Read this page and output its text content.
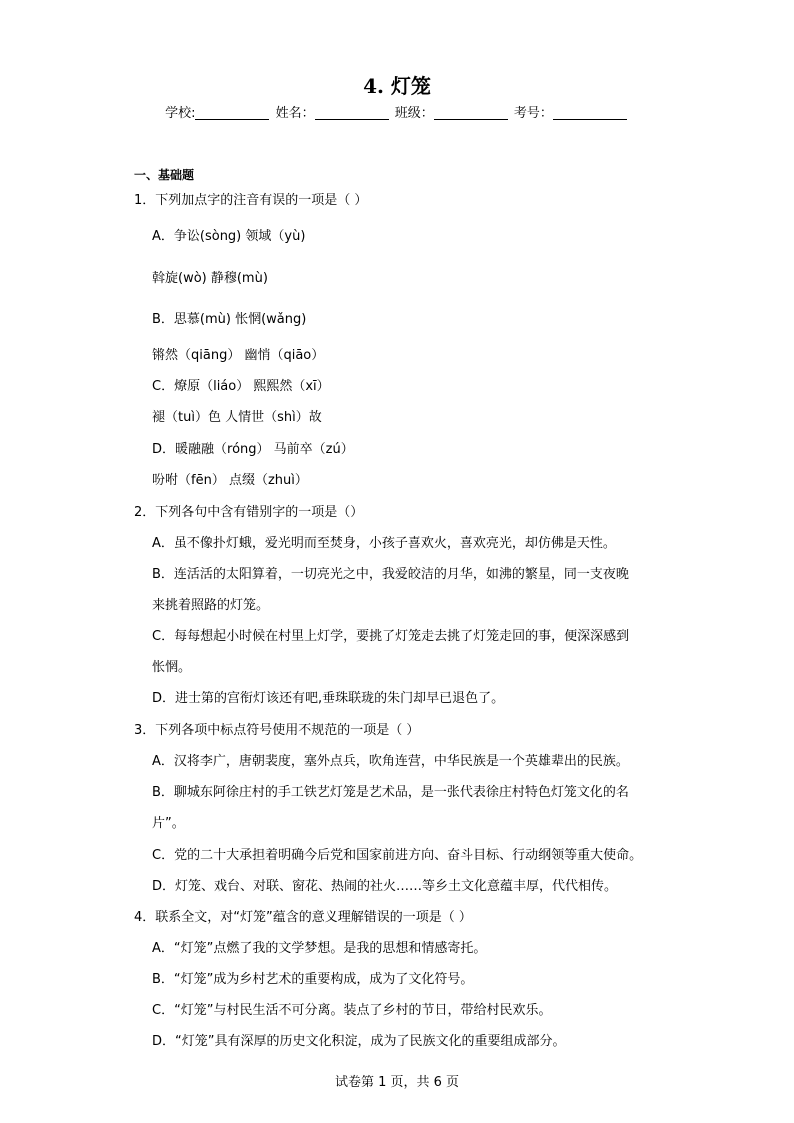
4. 灯笼
学校:	姓名：	班级：	考号：
一、基础题
1．下列加点字的注音有误的一项是（ ）
A．争讼(sòng) 领域（yù)
斡旋(wò) 静穆(mù)
B．思慕(mù) 怅惘(wǎng)
锵然（qiāng） 幽悄（qiāo）
C．燎原（liáo） 熙熙然（xī）
褪（tuì）色 人情世（shì）故
D．暖融融（róng） 马前卒（zú）
吩咐（fēn） 点缀（zhuì）
2．下列各句中含有错别字的一项是（）
A．虽不像扑灯蛾，爱光明而至焚身，小孩子喜欢火，喜欢亮光，却仿佛是天性。
B．连活活的太阳算着，一切亮光之中，我爱皎洁的月华，如沸的繁星，同一支夜晚
来挑着照路的灯笼。
C．每每想起小时候在村里上灯学，要挑了灯笼走去挑了灯笼走回的事，便深深感到
怅惘。
D．进士第的宫衔灯该还有吧,垂珠联珑的朱门却早已退色了。
3．下列各项中标点符号使用不规范的一项是（ ）
A．汉将李广，唐朝裴度，塞外点兵，吹角连营，中华民族是一个英雄辈出的民族。
B．聊城东阿徐庄村的手工铁艺灯笼是艺术品，是一张代表徐庄村特色灯笼文化的名
片”。
C．党的二十大承担着明确今后党和国家前进方向、奋斗目标、行动纲领等重大使命。
D．灯笼、戏台、对联、窗花、热闹的社火……等乡土文化意蕴丰厚，代代相传。
4．联系全文，对“灯笼”蕴含的意义理解错误的一项是（ ）
A．“灯笼”点燃了我的文学梦想。是我的思想和情感寄托。
B．“灯笼”成为乡村艺术的重要构成，成为了文化符号。
C．“灯笼”与村民生活不可分离。装点了乡村的节日，带给村民欢乐。
D．“灯笼”具有深厚的历史文化积淀，成为了民族文化的重要组成部分。
试卷第 1 页，共 6 页
